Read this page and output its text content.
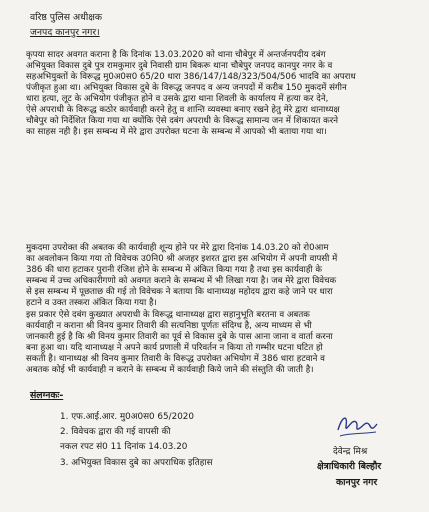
वरिष्ठ पुलिस अधीक्षक
जनपद कानपुर नगर।
कृपया सादर अवगत कराना है कि दिनांक 13.03.2020 को थाना चौबेपुर में अन्तर्जनपदीय दबंग
अभियुक्त विकास दुबे पुत्र रामकुमार दुबे निवासी ग्राम बिकरू थाना चौबेपुर जनपद कानपुर नगर के व
सहअभियुक्तों के विरूद्ध मु0अ0स0 65/20 धारा 386/147/148/323/504/506 भादवि का अपराध
पंजीकृत हुआ था। अभियुक्त विकास दुबे के विरूद्ध जनपद व अन्य जनपदों में करीब 150 मुकदमें संगीन
धारा हत्या, लूट के अभियोग पंजीकृत होने व उसके द्वारा थाना शिवली के कार्यालय में हत्या कर देने,
ऐसे अपराधी के विरूद्ध कठोर कार्यवाही करने हेतु व शान्ति व्यवस्था बनाए रखने हेतु मेरे द्वारा थानाध्यक्ष
चौबेपुर को निर्देशित किया गया था क्योंकि ऐसे दबंग अपराधी के विरूद्ध सामान्य जन में शिकायत करने
का साहस नही है। इस सम्बन्ध में मेरे द्वारा उपरोक्त घटना के सम्बन्ध में आपको भी बताया गया था।
मुकदमा उपरोक्त की अबतक की कार्यवाही शून्य होने पर मेरे द्वारा दिनांक 14.03.20 को रो0आम
का अवलोकन किया गया तो विवेचक उ0नि0 श्री अजहर इशरत द्वारा इस अभियोग में अपनी वापसी में
386 की धारा हटाकर पुरानी रंजिश होने के सम्बन्ध में अंकित किया गया है तथा इस कार्यवाही के
सम्बन्ध में उच्च अधिकारीगणो को अवगत कराने के सम्बन्ध में भी लिखा गया है। जब मेरे द्वारा विवेचक
से इस सम्बन्ध में पूछताछ की गई तो विवेचक ने बताया कि थानाध्यक्ष महोदय द्वारा कहे जाने पर धारा
हटाने व उक्त तस्करा अंकित किया गया है।
इस प्रकार ऐसे दबंग कुख्यात अपराधी के विरूद्ध थानाध्यक्ष द्वारा सहानुभूति बरतना व अबतक
कार्यवाही न कराना श्री विनय कुमार तिवारी की सत्यनिष्ठा पूर्णतः संदिग्ध है, अन्य माध्यम से भी
जानकारी हुई है कि श्री विनय कुमार तिवारी का पूर्व से विकास दुबे के पास आना जाना व वार्ता करना
बना हुआ था। यदि थानाध्यक्ष ने अपने कार्य प्रणाली में परिवर्तन न किया तो गम्भीर घटना घटित हो
सकती है। थानाध्यक्ष श्री विनय कुमार तिवारी के विरूद्ध उपरोक्त अभियोग में 386 धारा हटवाने व
अबतक कोई भी कार्यवाही न कराने के सम्बन्ध में कार्यवाही किये जाने की संस्तुति की जाती है।
संलग्नकः-
1. एफ.आई.आर. मु0अ0स0 65/2020
2. विवेचक द्वारा की गई वापसी की
नकल रपट सं0 11 दिनांक 14.03.20
3. अभियुक्त विकास दुबे का अपराधिक इतिहास
देवेन्द्र मिश्र
क्षेत्राधिकारी बिल्हौर
कानपुर नगर
